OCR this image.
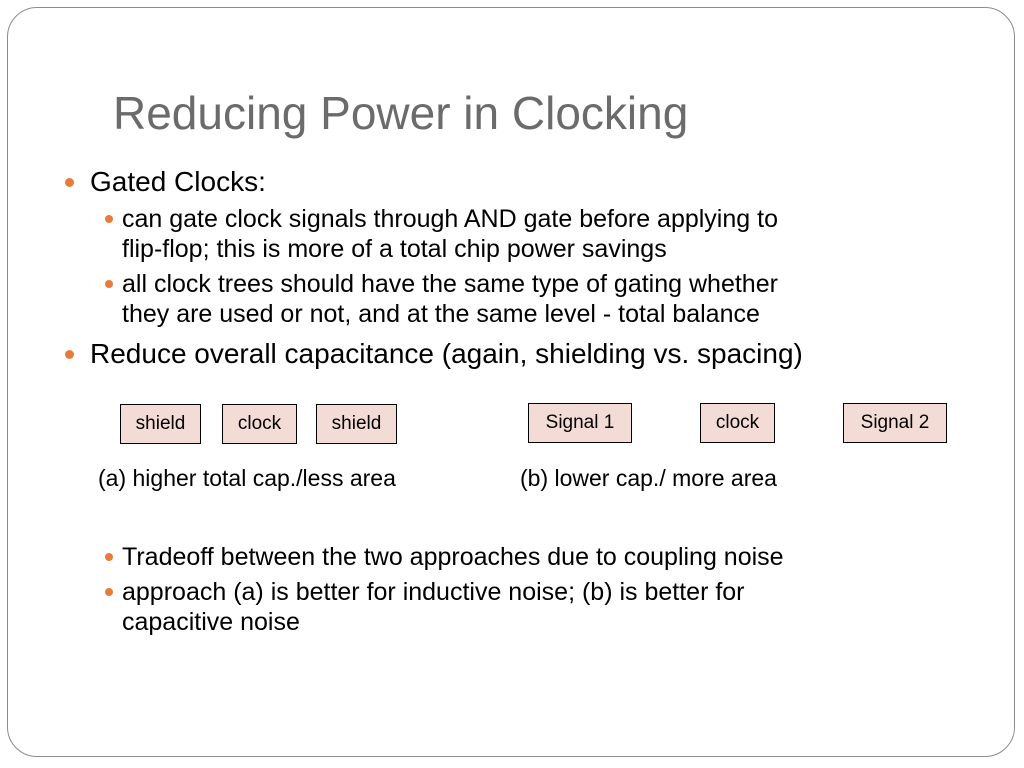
Reducing Power in Clocking
Gated Clocks:
can gate clock signals through AND gate before applying to
flip-flop; this is more of a total chip power savings
all clock trees should have the same type of gating whether
they are used or not, and at the same level - total balance
Reduce overall capacitance (again, shielding vs. spacing)
shield	clock	shield	Signal 1	clock	Signal 2
(a) higher total cap./less area	(b) lower cap./ more area
Tradeoff between the two approaches due to coupling noise
approach (a) is better for inductive noise; (b) is better for
capacitive noise
